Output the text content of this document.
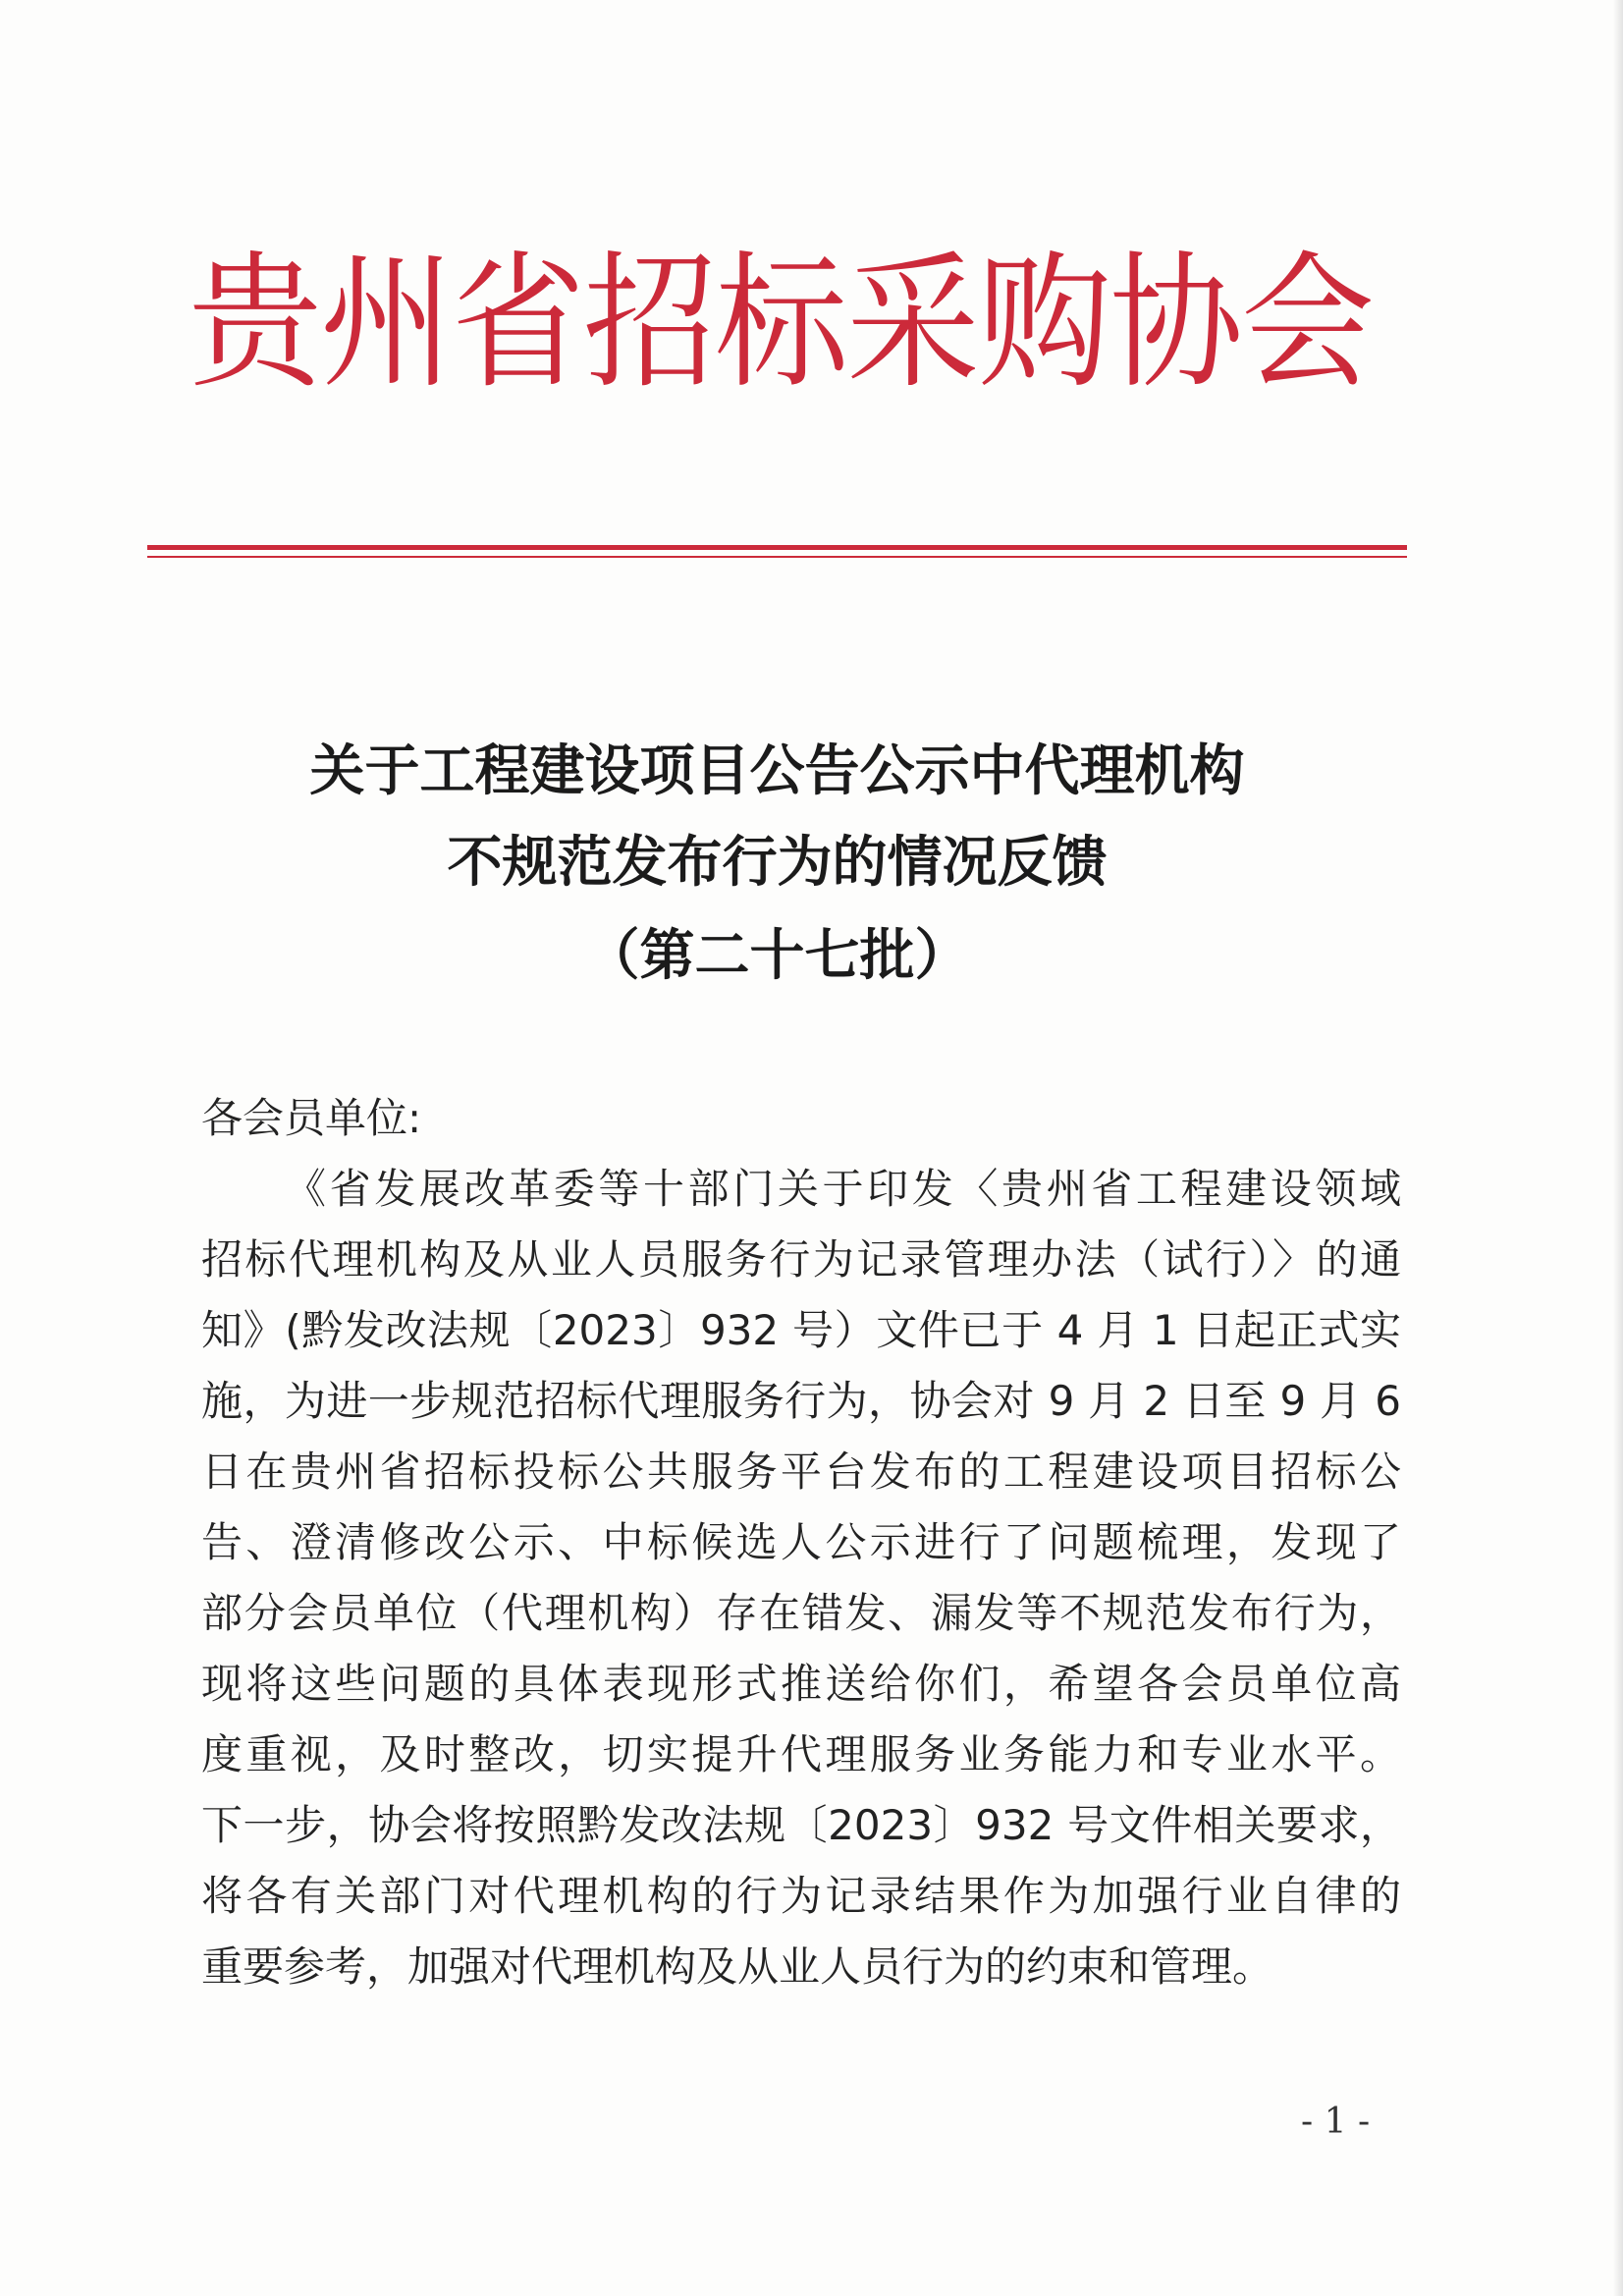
贵州省招标采购协会
关于工程建设项目公告公示中代理机构
不规范发布行为的情况反馈
（第二十七批）
各会员单位:
《省发展改革委等十部门关于印发〈贵州省工程建设领域
招标代理机构及从业人员服务行为记录管理办法（试行）〉的通
知》(黔发改法规〔2023〕932 号）文件已于 4 月 1 日起正式实
施，为进一步规范招标代理服务行为，协会对 9 月 2 日至 9 月 6
日在贵州省招标投标公共服务平台发布的工程建设项目招标公
告、澄清修改公示、中标候选人公示进行了问题梳理，发现了
部分会员单位（代理机构）存在错发、漏发等不规范发布行为，
现将这些问题的具体表现形式推送给你们，希望各会员单位高
度重视，及时整改，切实提升代理服务业务能力和专业水平。
下一步，协会将按照黔发改法规〔2023〕932 号文件相关要求，
将各有关部门对代理机构的行为记录结果作为加强行业自律的
重要参考，加强对代理机构及从业人员行为的约束和管理。
- 1 -
